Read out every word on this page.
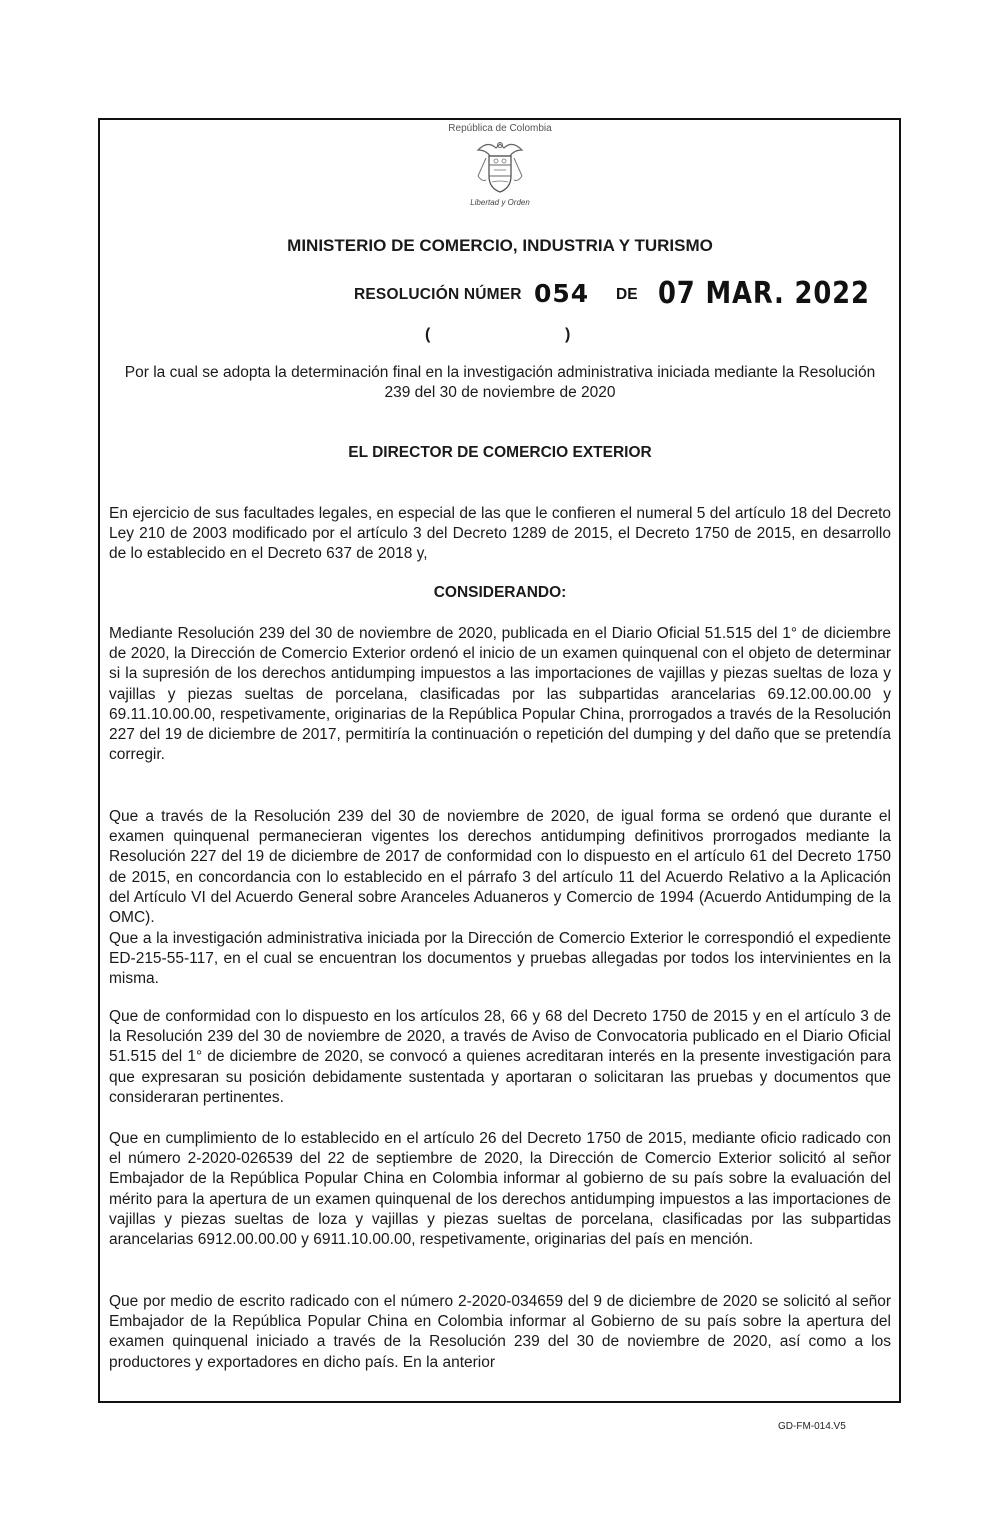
República de Colombia
Libertad y Orden
MINISTERIO DE COMERCIO, INDUSTRIA Y TURISMO
RESOLUCIÓN NÚMER 054 DE 07 MAR. 2022
(	)
Por la cual se adopta la determinación final en la investigación administrativa iniciada mediante la Resolución 239 del 30 de noviembre de 2020
EL DIRECTOR DE COMERCIO EXTERIOR

En ejercicio de sus facultades legales, en especial de las que le confieren el numeral 5 del artículo 18 del Decreto Ley 210 de 2003 modificado por el artículo 3 del Decreto 1289 de 2015, el Decreto 1750 de 2015, en desarrollo de lo establecido en el Decreto 637 de 2018 y,

CONSIDERANDO:

Mediante Resolución 239 del 30 de noviembre de 2020, publicada en el Diario Oficial 51.515 del 1° de diciembre de 2020, la Dirección de Comercio Exterior ordenó el inicio de un examen quinquenal con el objeto de determinar si la supresión de los derechos antidumping impuestos a las importaciones de vajillas y piezas sueltas de loza y vajillas y piezas sueltas de porcelana, clasificadas por las subpartidas arancelarias 69.12.00.00.00 y 69.11.10.00.00, respetivamente, originarias de la República Popular China, prorrogados a través de la Resolución 227 del 19 de diciembre de 2017, permitiría la continuación o repetición del dumping y del daño que se pretendía corregir.

Que a través de la Resolución 239 del 30 de noviembre de 2020, de igual forma se ordenó que durante el examen quinquenal permanecieran vigentes los derechos antidumping definitivos prorrogados mediante la Resolución 227 del 19 de diciembre de 2017 de conformidad con lo dispuesto en el artículo 61 del Decreto 1750 de 2015, en concordancia con lo establecido en el párrafo 3 del artículo 11 del Acuerdo Relativo a la Aplicación del Artículo VI del Acuerdo General sobre Aranceles Aduaneros y Comercio de 1994 (Acuerdo Antidumping de la OMC).

Que a la investigación administrativa iniciada por la Dirección de Comercio Exterior le correspondió el expediente ED-215-55-117, en el cual se encuentran los documentos y pruebas allegadas por todos los intervinientes en la misma.

Que de conformidad con lo dispuesto en los artículos 28, 66 y 68 del Decreto 1750 de 2015 y en el artículo 3 de la Resolución 239 del 30 de noviembre de 2020, a través de Aviso de Convocatoria publicado en el Diario Oficial 51.515 del 1° de diciembre de 2020, se convocó a quienes acreditaran interés en la presente investigación para que expresaran su posición debidamente sustentada y aportaran o solicitaran las pruebas y documentos que consideraran pertinentes.

Que en cumplimiento de lo establecido en el artículo 26 del Decreto 1750 de 2015, mediante oficio radicado con el número 2-2020-026539 del 22 de septiembre de 2020, la Dirección de Comercio Exterior solicitó al señor Embajador de la República Popular China en Colombia informar al gobierno de su país sobre la evaluación del mérito para la apertura de un examen quinquenal de los derechos antidumping impuestos a las importaciones de vajillas y piezas sueltas de loza y vajillas y piezas sueltas de porcelana, clasificadas por las subpartidas arancelarias 6912.00.00.00 y 6911.10.00.00, respetivamente, originarias del país en mención.

Que por medio de escrito radicado con el número 2-2020-034659 del 9 de diciembre de 2020 se solicitó al señor Embajador de la República Popular China en Colombia informar al Gobierno de su país sobre la apertura del examen quinquenal iniciado a través de la Resolución 239 del 30 de noviembre de 2020, así como a los productores y exportadores en dicho país. En la anterior

GD-FM-014.V5
